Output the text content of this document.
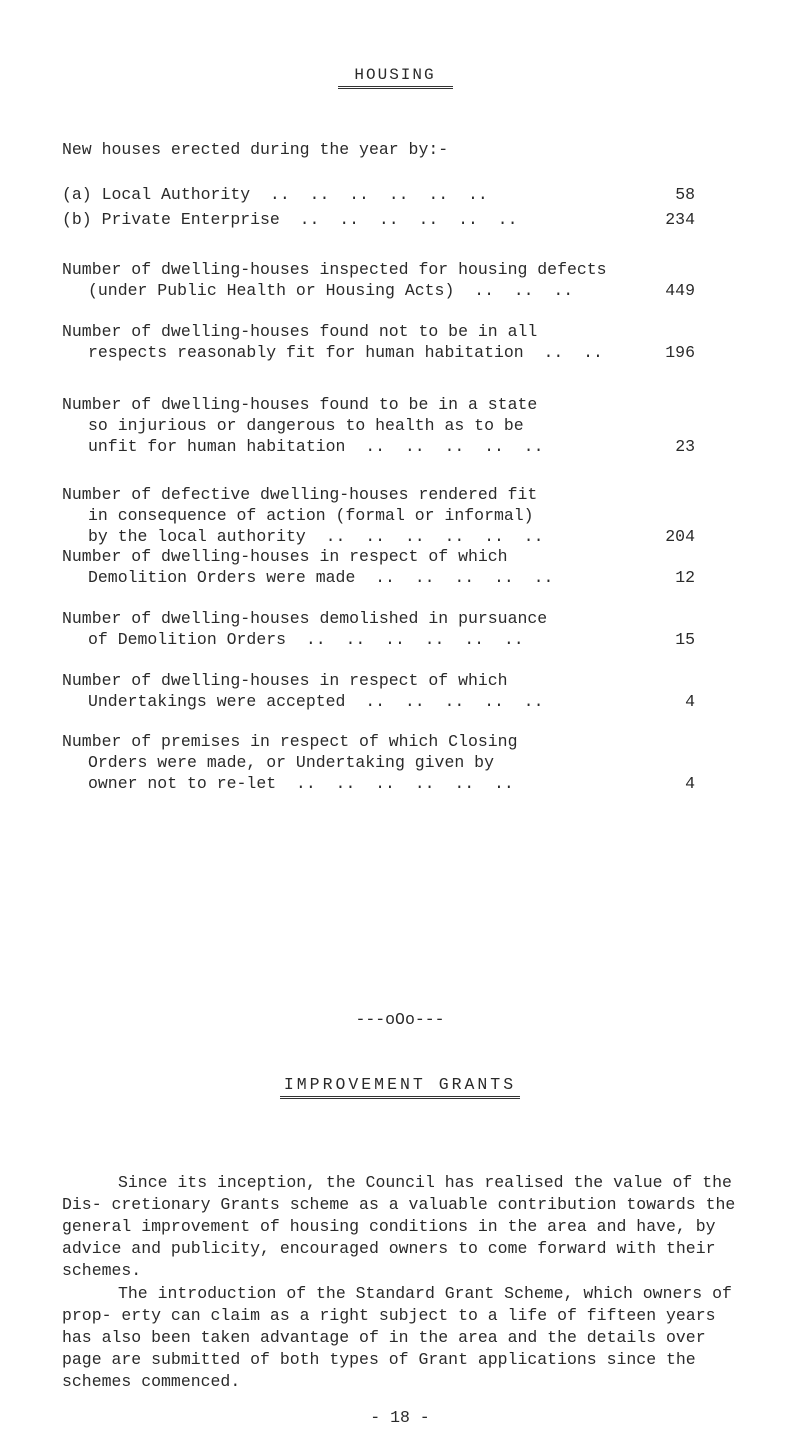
HOUSING
New houses erected during the year by:-
(a) Local Authority  ..  ..  ..  ..  ..  ..	58
(b) Private Enterprise  ..  ..  ..  ..  ..  ..	234
Number of dwelling-houses inspected for housing defects
(under Public Health or Housing Acts)  ..  ..  ..	449
Number of dwelling-houses found not to be in all
respects reasonably fit for human habitation  ..  ..	196
Number of dwelling-houses found to be in a state
so injurious or dangerous to health as to be
unfit for human habitation  ..  ..  ..  ..  ..	23
Number of defective dwelling-houses rendered fit
in consequence of action (formal or informal)
by the local authority  ..  ..  ..  ..  ..  ..	204
Number of dwelling-houses in respect of which
Demolition Orders were made  ..  ..  ..  ..  ..	12
Number of dwelling-houses demolished in pursuance
of Demolition Orders  ..  ..  ..  ..  ..  ..	15
Number of dwelling-houses in respect of which
Undertakings were accepted  ..  ..  ..  ..  ..	4
Number of premises in respect of which Closing
Orders were made, or Undertaking given by
owner not to re-let  ..  ..  ..  ..  ..  ..	4
---oOo---
IMPROVEMENT GRANTS
Since its inception, the Council has realised the value of the Dis- cretionary Grants scheme as a valuable contribution towards the general improvement of housing conditions in the area and have, by advice and publicity, encouraged owners to come forward with their schemes.
The introduction of the Standard Grant Scheme, which owners of prop- erty can claim as a right subject to a life of fifteen years has also been taken advantage of in the area and the details over page are submitted of both types of Grant applications since the schemes commenced.
- 18 -
